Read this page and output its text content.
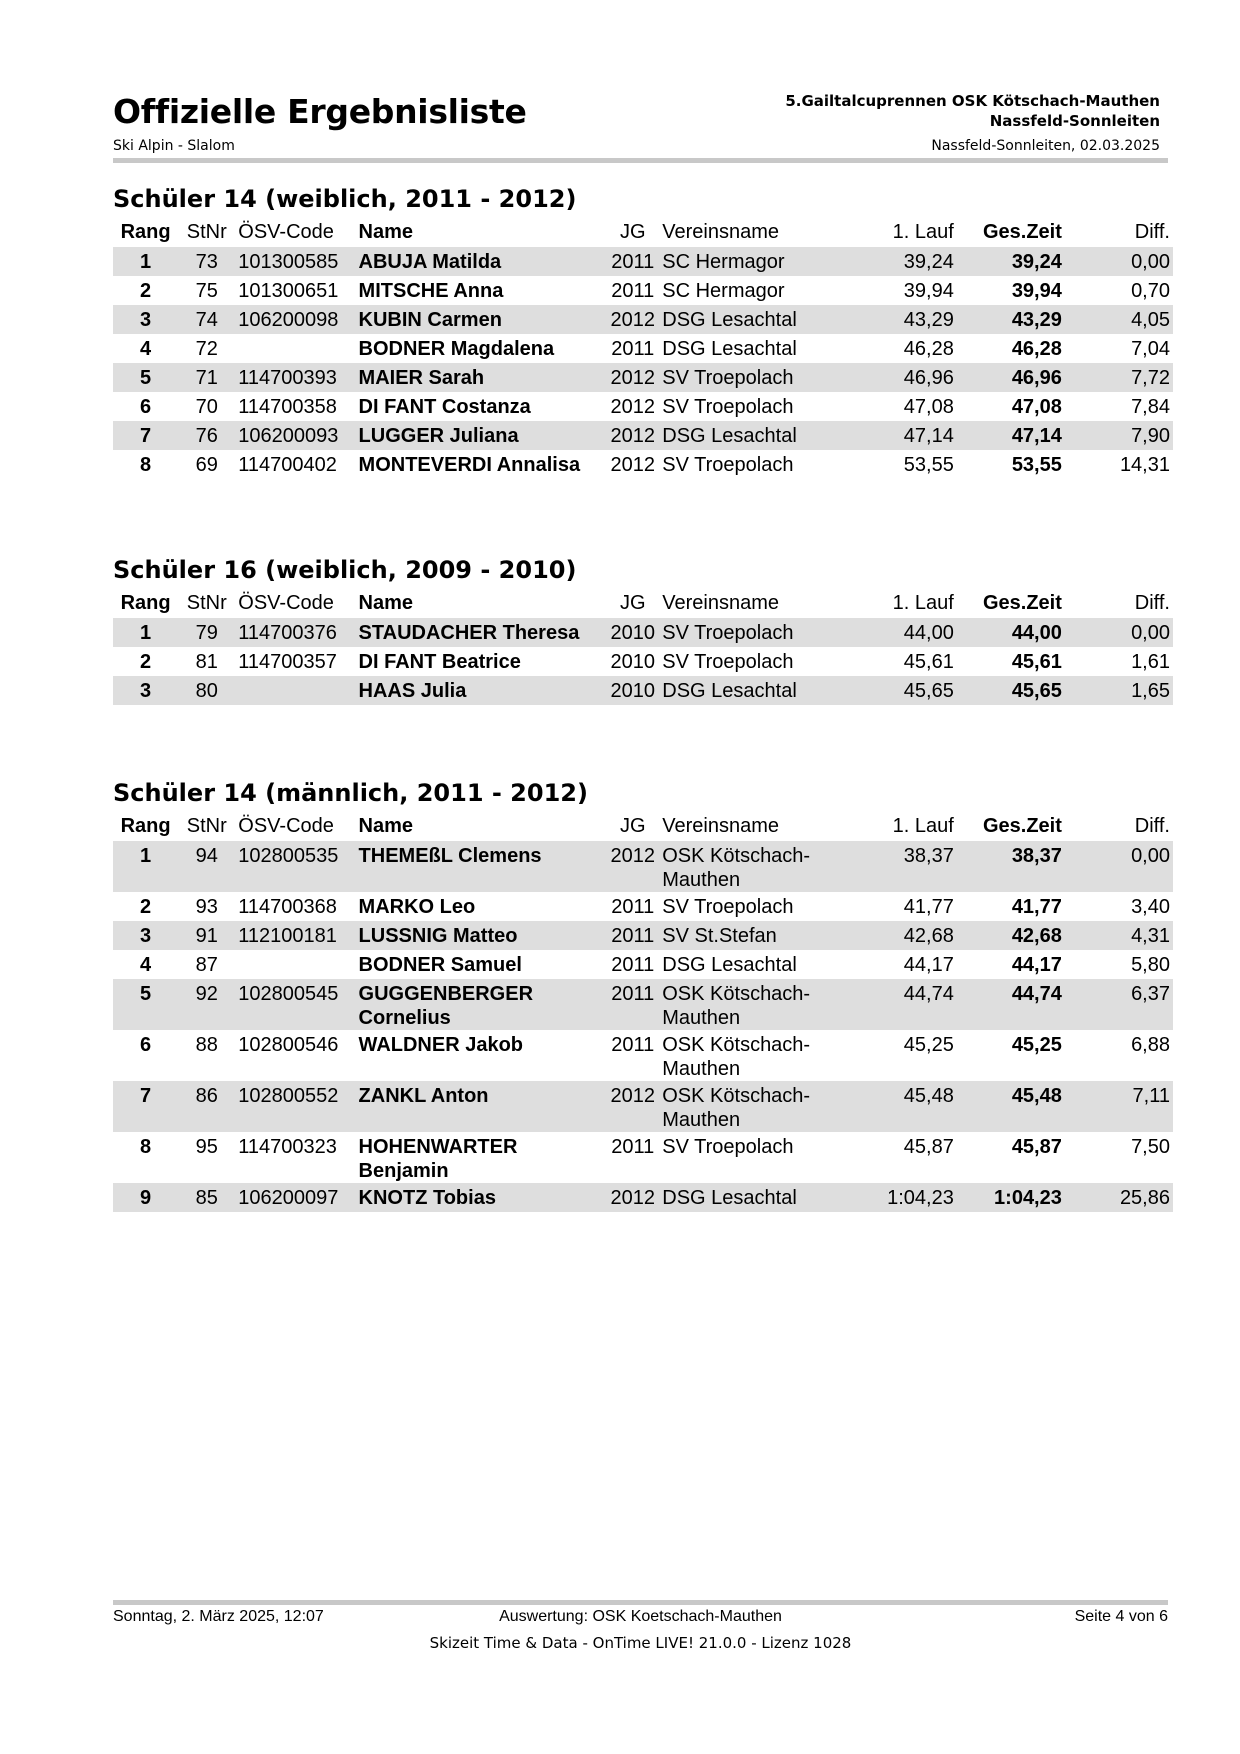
Offizielle Ergebnisliste	5.Gailtalcuprennen OSK Kötschach-Mauthen
Nassfeld-Sonnleiten
Ski Alpin - Slalom	Nassfeld-Sonnleiten, 02.03.2025
Schüler 14 (weiblich, 2011 - 2012)
Rang	StNr	ÖSV-Code	Name	JG	Vereinsname	1. Lauf	Ges.Zeit	Diff.
1	73	101300585	ABUJA Matilda	2011	SC Hermagor	39,24	39,24	0,00
2	75	101300651	MITSCHE Anna	2011	SC Hermagor	39,94	39,94	0,70
3	74	106200098	KUBIN Carmen	2012	DSG Lesachtal	43,29	43,29	4,05
4	72		BODNER Magdalena	2011	DSG Lesachtal	46,28	46,28	7,04
5	71	114700393	MAIER Sarah	2012	SV Troepolach	46,96	46,96	7,72
6	70	114700358	DI FANT Costanza	2012	SV Troepolach	47,08	47,08	7,84
7	76	106200093	LUGGER Juliana	2012	DSG Lesachtal	47,14	47,14	7,90
8	69	114700402	MONTEVERDI Annalisa	2012	SV Troepolach	53,55	53,55	14,31
Schüler 16 (weiblich, 2009 - 2010)
Rang	StNr	ÖSV-Code	Name	JG	Vereinsname	1. Lauf	Ges.Zeit	Diff.
1	79	114700376	STAUDACHER Theresa	2010	SV Troepolach	44,00	44,00	0,00
2	81	114700357	DI FANT Beatrice	2010	SV Troepolach	45,61	45,61	1,61
3	80		HAAS Julia	2010	DSG Lesachtal	45,65	45,65	1,65
Schüler 14 (männlich, 2011 - 2012)
Rang	StNr	ÖSV-Code	Name	JG	Vereinsname	1. Lauf	Ges.Zeit	Diff.
1	94	102800535	THEMEßL Clemens	2012	OSK Kötschach-Mauthen	38,37	38,37	0,00
2	93	114700368	MARKO Leo	2011	SV Troepolach	41,77	41,77	3,40
3	91	112100181	LUSSNIG Matteo	2011	SV St.Stefan	42,68	42,68	4,31
4	87		BODNER Samuel	2011	DSG Lesachtal	44,17	44,17	5,80
5	92	102800545	GUGGENBERGER Cornelius	2011	OSK Kötschach-Mauthen	44,74	44,74	6,37
6	88	102800546	WALDNER Jakob	2011	OSK Kötschach-Mauthen	45,25	45,25	6,88
7	86	102800552	ZANKL Anton	2012	OSK Kötschach-Mauthen	45,48	45,48	7,11
8	95	114700323	HOHENWARTER Benjamin	2011	SV Troepolach	45,87	45,87	7,50
9	85	106200097	KNOTZ Tobias	2012	DSG Lesachtal	1:04,23	1:04,23	25,86
Sonntag, 2. März 2025, 12:07	Auswertung: OSK Koetschach-Mauthen	Seite 4 von 6
Skizeit Time & Data - OnTime LIVE! 21.0.0 - Lizenz 1028
